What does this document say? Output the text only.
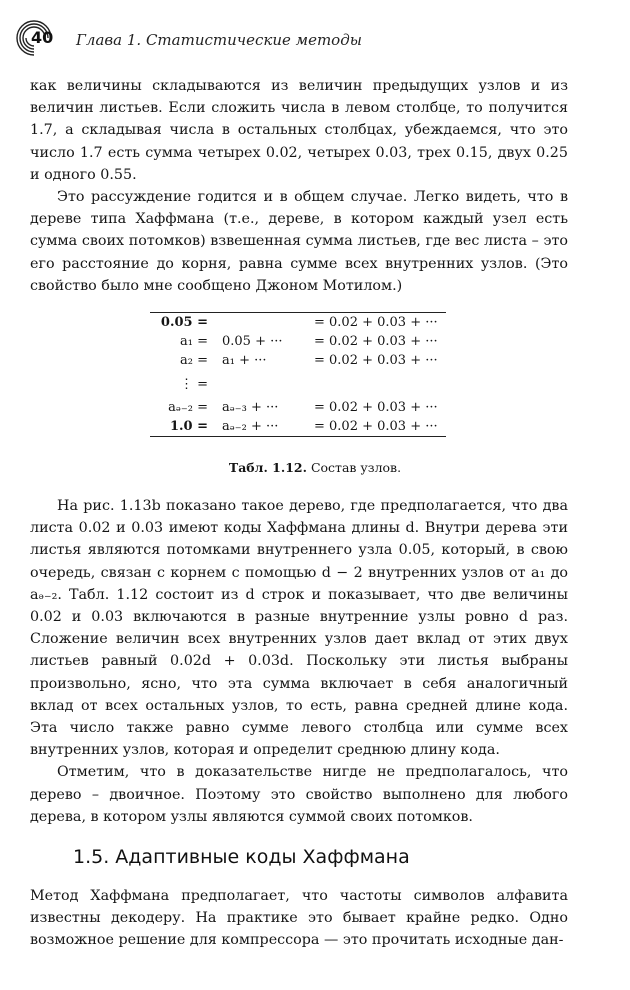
40 Глава 1. Статистические методы

как величины складываются из величин предыдущих узлов и из величин листьев. Если сложить числа в левом столбце, то получится 1.7, а складывая числа в остальных столбцах, убеждаемся, что это число 1.7 есть сумма четырех 0.02, четырех 0.03, трех 0.15, двух 0.25 и одного 0.55.

Это рассуждение годится и в общем случае. Легко видеть, что в дереве типа Хаффмана (т.е., дереве, в котором каждый узел есть сумма своих потомков) взвешенная сумма листьев, где вес листа – это его расстояние до корня, равна сумме всех внутренних узлов. (Это свойство было мне сообщено Джоном Мотилом.)

0.05 =		= 0.02 + 0.03 + ···
a₁ =	0.05 + ···	= 0.02 + 0.03 + ···
a₂ =	a₁ + ···	= 0.02 + 0.03 + ···
⋮ =		
aₔ₋₂ =	aₔ₋₃ + ···	= 0.02 + 0.03 + ···
1.0 =	aₔ₋₂ + ···	= 0.02 + 0.03 + ···
Табл. 1.12. Состав узлов.

На рис. 1.13b показано такое дерево, где предполагается, что два листа 0.02 и 0.03 имеют коды Хаффмана длины d. Внутри дерева эти листья являются потомками внутреннего узла 0.05, который, в свою очередь, связан с корнем с помощью d − 2 внутренних узлов от a₁ до aₔ₋₂. Табл. 1.12 состоит из d строк и показывает, что две величины 0.02 и 0.03 включаются в разные внутренние узлы ровно d раз. Сложение величин всех внутренних узлов дает вклад от этих двух листьев равный 0.02d + 0.03d. Поскольку эти листья выбраны произвольно, ясно, что эта сумма включает в себя аналогичный вклад от всех остальных узлов, то есть, равна средней длине кода. Эта число также равно сумме левого столбца или сумме всех внутренних узлов, которая и определит среднюю длину кода.

Отметим, что в доказательстве нигде не предполагалось, что дерево – двоичное. Поэтому это свойство выполнено для любого дерева, в котором узлы являются суммой своих потомков.

1.5. Адаптивные коды Хаффмана

Метод Хаффмана предполагает, что частоты символов алфавита известны декодеру. На практике это бывает крайне редко. Одно возможное решение для компрессора — это прочитать исходные дан-
